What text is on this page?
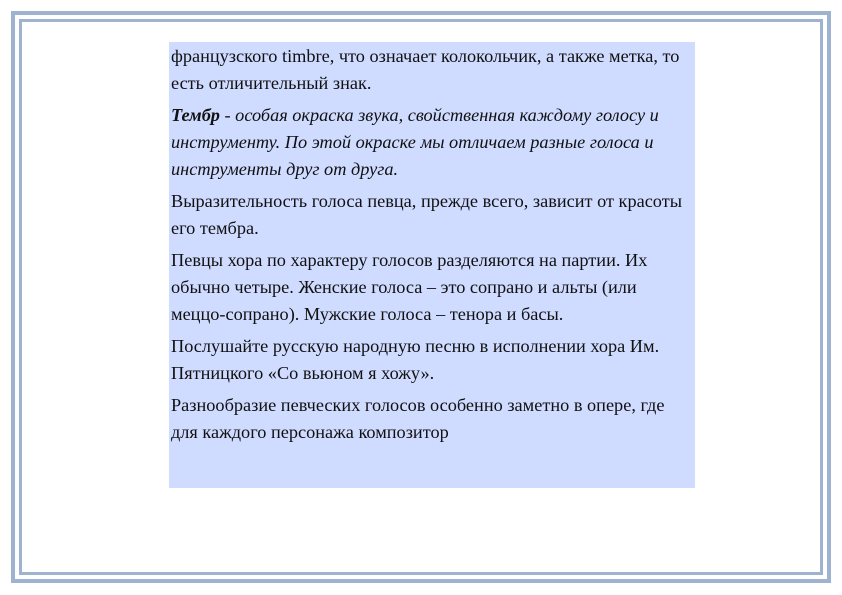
французского timbre, что означает колокольчик, а также метка, то есть отличительный знак.

Тембр - особая окраска звука, свойственная каждому голосу и инструменту. По этой окраске мы отличаем разные голоса и инструменты друг от друга.

Выразительность голоса певца, прежде всего, зависит от красоты его тембра.

Певцы хора по характеру голосов разделяются на партии. Их обычно четыре. Женские голоса – это сопрано и альты (или меццо-сопрано). Мужские голоса – тенора и басы.

Послушайте русскую народную песню в исполнении хора Им. Пятницкого «Со вьюном я хожу».

Разнообразие певческих голосов особенно заметно в опере, где для каждого персонажа композитор
